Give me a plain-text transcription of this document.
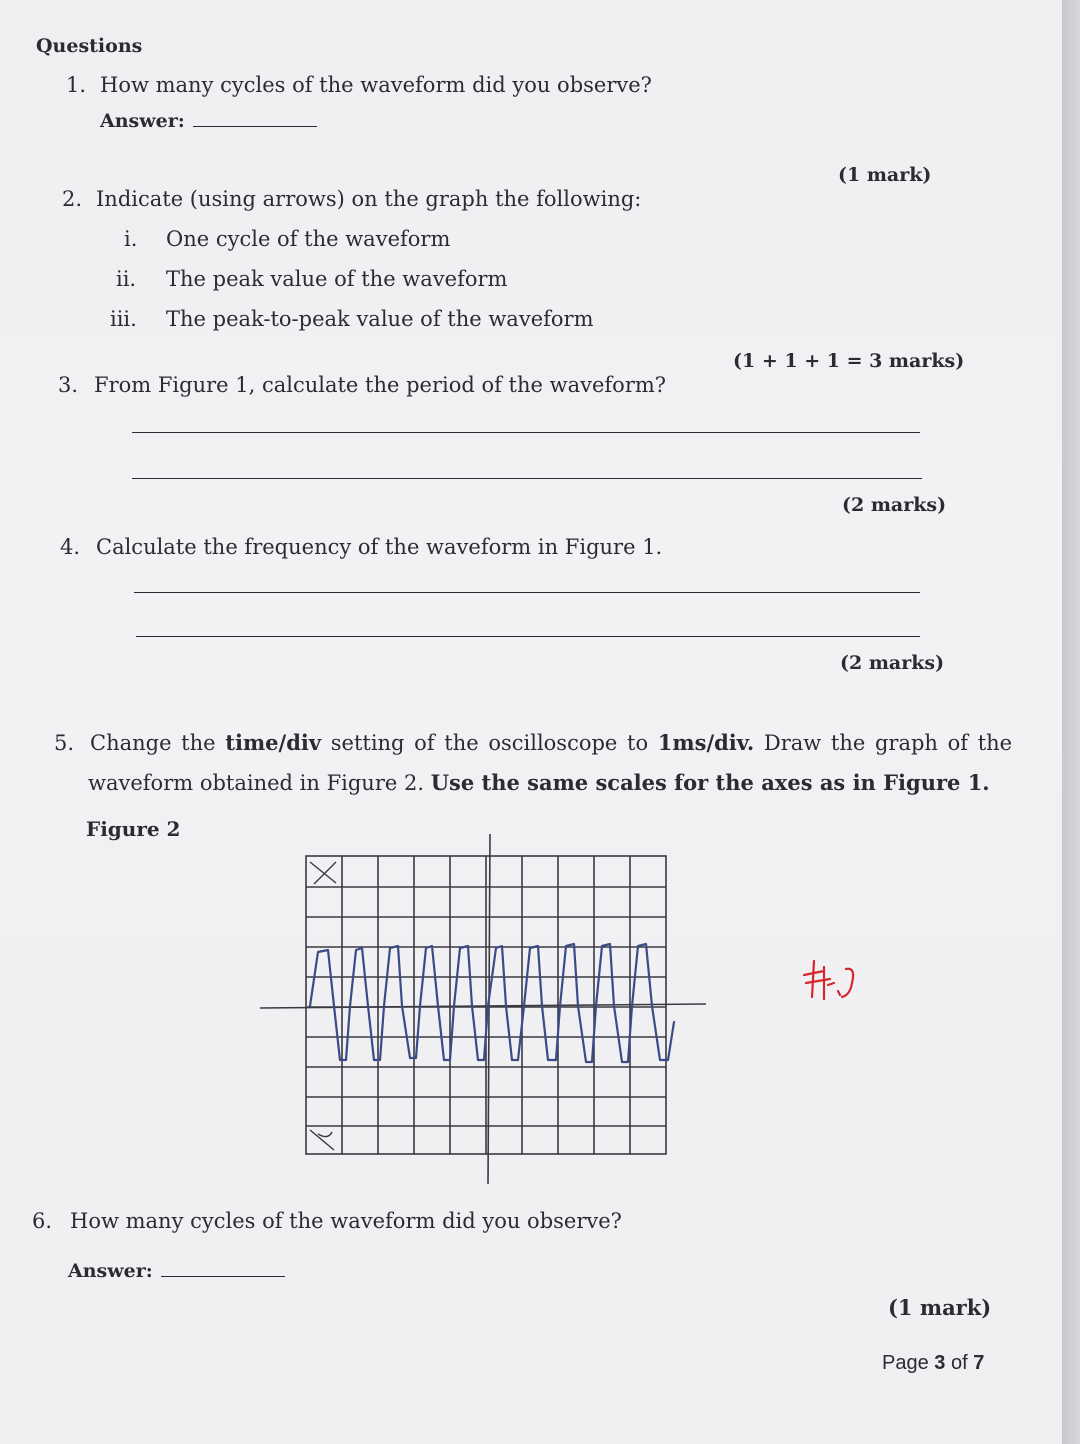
Questions
1. How many cycles of the waveform did you observe?
Answer:
(1 mark)
2. Indicate (using arrows) on the graph the following:
i. One cycle of the waveform
ii. The peak value of the waveform
iii. The peak-to-peak value of the waveform
(1 + 1 + 1 = 3 marks)
3. From Figure 1, calculate the period of the waveform?
(2 marks)
4. Calculate the frequency of the waveform in Figure 1.
(2 marks)
5. Change the time/div setting of the oscilloscope to 1ms/div. Draw the graph of the
waveform obtained in Figure 2. Use the same scales for the axes as in Figure 1.
Figure 2
6. How many cycles of the waveform did you observe?
Answer:
(1 mark)
Page 3 of 7
